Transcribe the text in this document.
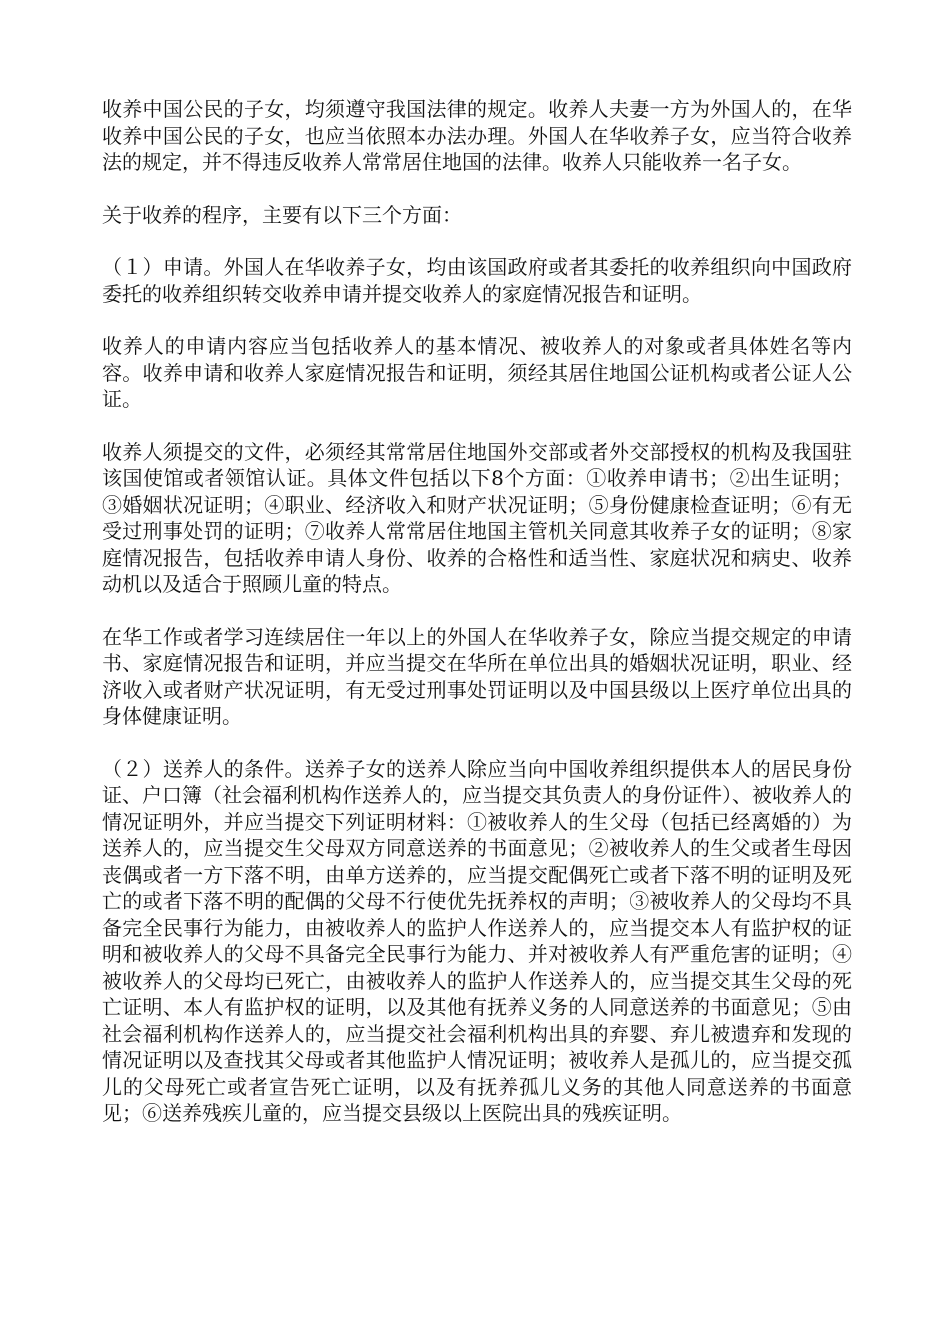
收养中国公民的子女，均须遵守我国法律的规定。收养人夫妻一方为外国人的，在华收养中国公民的子女，也应当依照本办法办理。外国人在华收养子女，应当符合收养法的规定，并不得违反收养人常常居住地国的法律。收养人只能收养一名子女。

关于收养的程序，主要有以下三个方面：

（１）申请。外国人在华收养子女，均由该国政府或者其委托的收养组织向中国政府委托的收养组织转交收养申请并提交收养人的家庭情况报告和证明。

收养人的申请内容应当包括收养人的基本情况、被收养人的对象或者具体姓名等内容。收养申请和收养人家庭情况报告和证明，须经其居住地国公证机构或者公证人公证。

收养人须提交的文件，必须经其常常居住地国外交部或者外交部授权的机构及我国驻该国使馆或者领馆认证。具体文件包括以下8个方面：①收养申请书；②出生证明；③婚姻状况证明；④职业、经济收入和财产状况证明；⑤身份健康检查证明；⑥有无受过刑事处罚的证明；⑦收养人常常居住地国主管机关同意其收养子女的证明；⑧家庭情况报告，包括收养申请人身份、收养的合格性和适当性、家庭状况和病史、收养动机以及适合于照顾儿童的特点。

在华工作或者学习连续居住一年以上的外国人在华收养子女，除应当提交规定的申请书、家庭情况报告和证明，并应当提交在华所在单位出具的婚姻状况证明，职业、经济收入或者财产状况证明，有无受过刑事处罚证明以及中国县级以上医疗单位出具的身体健康证明。

（２）送养人的条件。送养子女的送养人除应当向中国收养组织提供本人的居民身份证、户口簿（社会福利机构作送养人的，应当提交其负责人的身份证件）、被收养人的情况证明外，并应当提交下列证明材料：①被收养人的生父母（包括已经离婚的）为送养人的，应当提交生父母双方同意送养的书面意见；②被收养人的生父或者生母因丧偶或者一方下落不明，由单方送养的，应当提交配偶死亡或者下落不明的证明及死亡的或者下落不明的配偶的父母不行使优先抚养权的声明；③被收养人的父母均不具备完全民事行为能力，由被收养人的监护人作送养人的，应当提交本人有监护权的证明和被收养人的父母不具备完全民事行为能力、并对被收养人有严重危害的证明；④被收养人的父母均已死亡，由被收养人的监护人作送养人的，应当提交其生父母的死亡证明、本人有监护权的证明，以及其他有抚养义务的人同意送养的书面意见；⑤由社会福利机构作送养人的，应当提交社会福利机构出具的弃婴、弃儿被遗弃和发现的情况证明以及查找其父母或者其他监护人情况证明；被收养人是孤儿的，应当提交孤儿的父母死亡或者宣告死亡证明，以及有抚养孤儿义务的其他人同意送养的书面意见；⑥送养残疾儿童的，应当提交县级以上医院出具的残疾证明。
